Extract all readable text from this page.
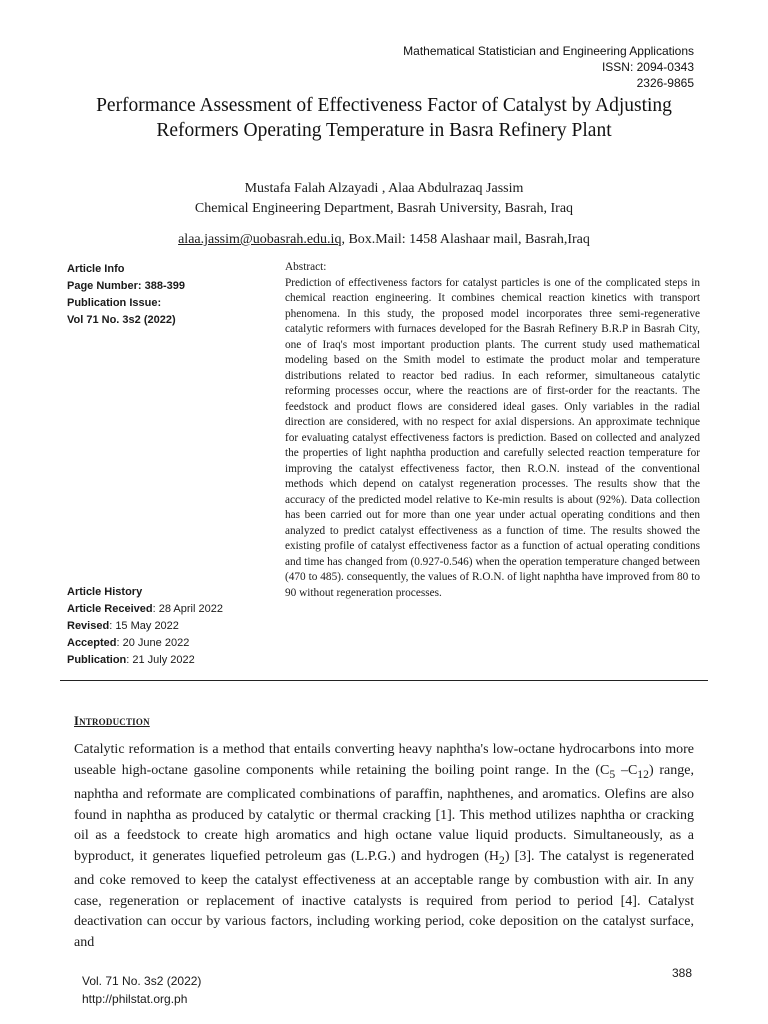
Mathematical Statistician and Engineering Applications
ISSN: 2094-0343
2326-9865
Performance Assessment of Effectiveness Factor of Catalyst by Adjusting
Reformers Operating Temperature in Basra Refinery Plant
Mustafa Falah Alzayadi , Alaa Abdulrazaq Jassim
Chemical Engineering Department, Basrah University, Basrah, Iraq
alaa.jassim@uobasrah.edu.iq, Box.Mail: 1458 Alashaar mail, Basrah,Iraq
Article Info
Page Number: 388-399
Publication Issue:
Vol 71 No. 3s2 (2022)
Article History
Article Received: 28 April 2022
Revised: 15 May 2022
Accepted: 20 June 2022
Publication: 21 July 2022
Abstract:
Prediction of effectiveness factors for catalyst particles is one of the complicated steps in chemical reaction engineering. It combines chemical reaction kinetics with transport phenomena. In this study, the proposed model incorporates three semi-regenerative catalytic reformers with furnaces developed for the Basrah Refinery B.R.P in Basrah City, one of Iraq's most important production plants. The current study used mathematical modeling based on the Smith model to estimate the product molar and temperature distributions related to reactor bed radius. In each reformer, simultaneous catalytic reforming processes occur, where the reactions are of first-order for the reactants. The feedstock and product flows are considered ideal gases. Only variables in the radial direction are considered, with no respect for axial dispersions. An approximate technique for evaluating catalyst effectiveness factors is prediction. Based on collected and analyzed the properties of light naphtha production and carefully selected reaction temperature for improving the catalyst effectiveness factor, then R.O.N. instead of the conventional methods which depend on catalyst regeneration processes. The results show that the accuracy of the predicted model relative to Ke-min results is about (92%). Data collection has been carried out for more than one year under actual operating conditions and then analyzed to predict catalyst effectiveness as a function of time. The results showed the existing profile of catalyst effectiveness factor as a function of actual operating conditions and time has changed from (0.927-0.546) when the operation temperature changed between (470 to 485). consequently, the values of R.O.N. of light naphtha have improved from 80 to 90 without regeneration processes.
Introduction
Catalytic reformation is a method that entails converting heavy naphtha's low-octane hydrocarbons into more useable high-octane gasoline components while retaining the boiling point range. In the ($C_5$ $-C_{12}$) range, naphtha and reformate are complicated combinations of paraffin, naphthenes, and aromatics. Olefins are also found in naphtha as produced by catalytic or thermal cracking [1]. This method utilizes naphtha or cracking oil as a feedstock to create high aromatics and high octane value liquid products. Simultaneously, as a byproduct, it generates liquefied petroleum gas (L.P.G.) and hydrogen $(H_2)$ [3]. The catalyst is regenerated and coke removed to keep the catalyst effectiveness at an acceptable range by combustion with air. In any case, regeneration or replacement of inactive catalysts is required from period to period [4]. Catalyst deactivation can occur by various factors, including working period, coke deposition on the catalyst surface, and
Vol. 71 No. 3s2 (2022)
http://philstat.org.ph
388
